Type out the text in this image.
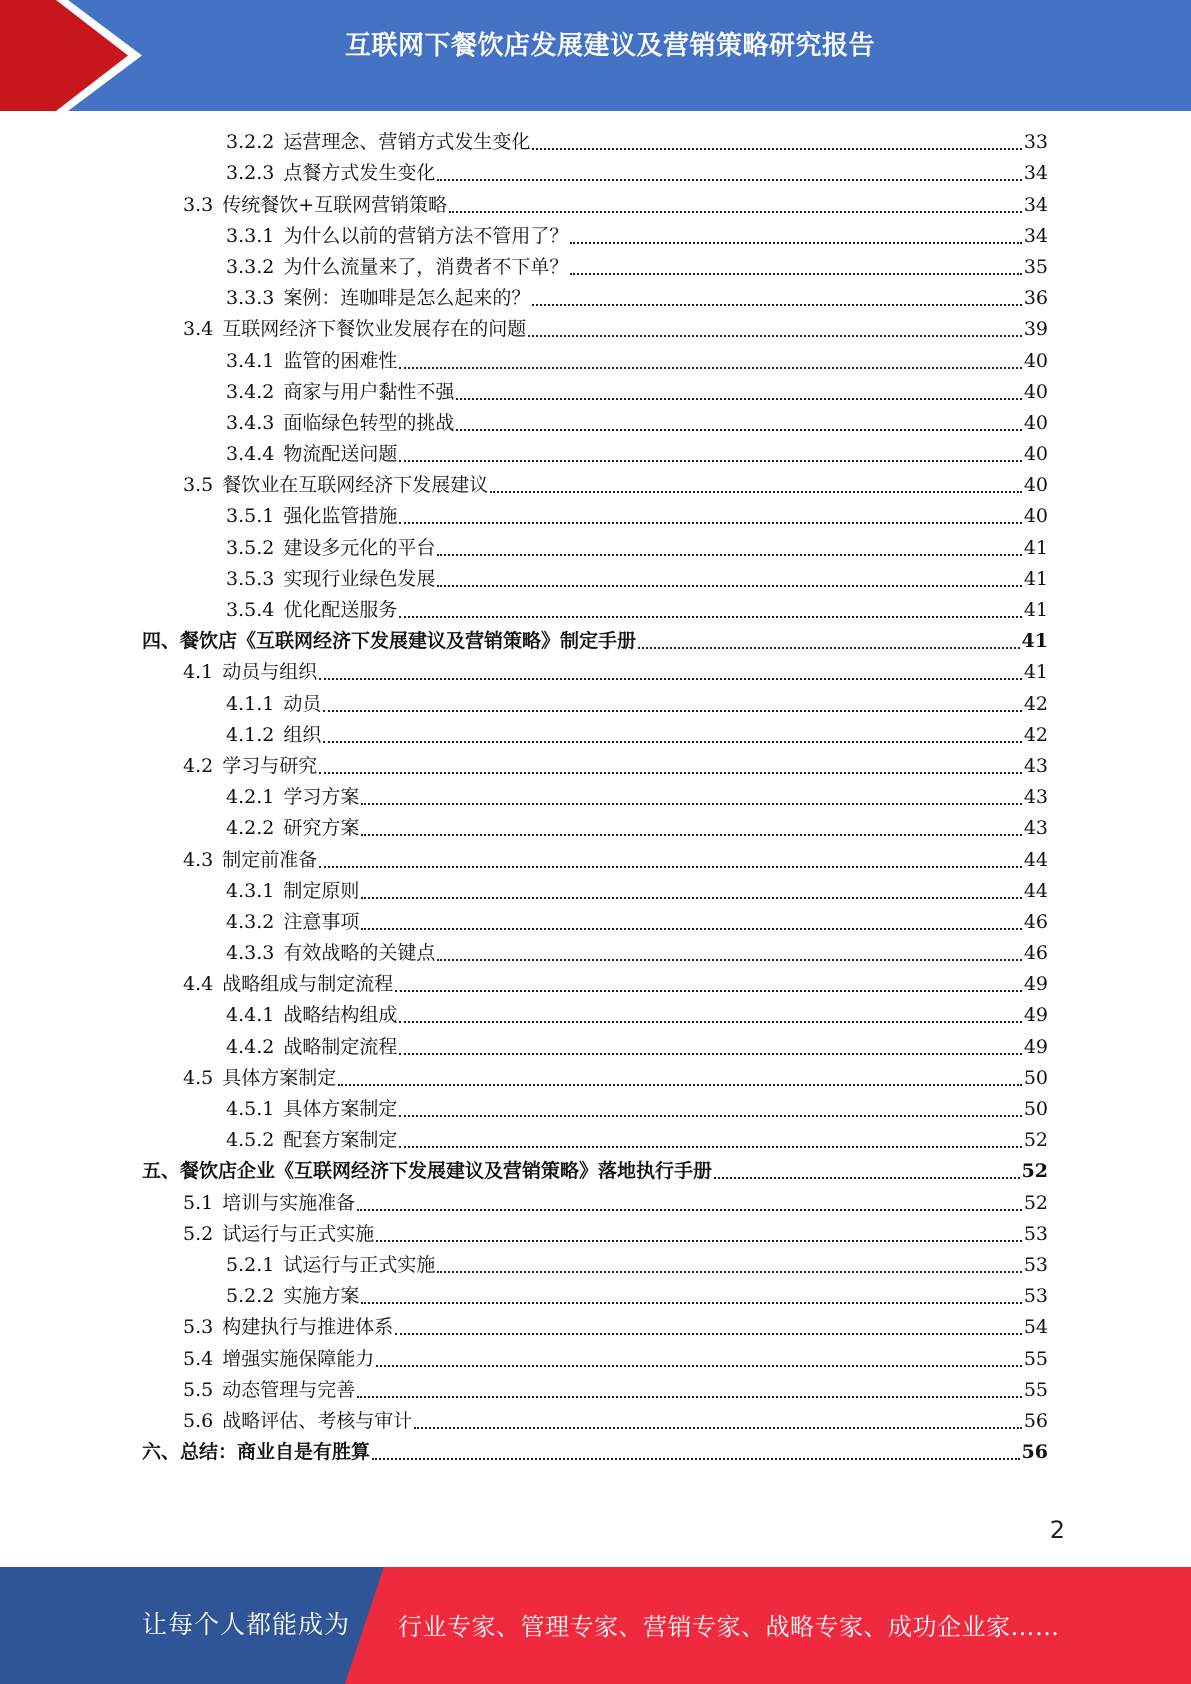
互联网下餐饮店发展建议及营销策略研究报告
3.2.2 运营理念、营销方式发生变化	33
3.2.3 点餐方式发生变化	34
3.3 传统餐饮+互联网营销策略	34
3.3.1 为什么以前的营销方法不管用了？	34
3.3.2 为什么流量来了，消费者不下单？	35
3.3.3 案例：连咖啡是怎么起来的？	36
3.4 互联网经济下餐饮业发展存在的问题	39
3.4.1 监管的困难性	40
3.4.2 商家与用户黏性不强	40
3.4.3 面临绿色转型的挑战	40
3.4.4 物流配送问题	40
3.5 餐饮业在互联网经济下发展建议	40
3.5.1 强化监管措施	40
3.5.2 建设多元化的平台	41
3.5.3 实现行业绿色发展	41
3.5.4 优化配送服务	41
四、餐饮店《互联网经济下发展建议及营销策略》制定手册	41
4.1 动员与组织	41
4.1.1 动员	42
4.1.2 组织	42
4.2 学习与研究	43
4.2.1 学习方案	43
4.2.2 研究方案	43
4.3 制定前准备	44
4.3.1 制定原则	44
4.3.2 注意事项	46
4.3.3 有效战略的关键点	46
4.4 战略组成与制定流程	49
4.4.1 战略结构组成	49
4.4.2 战略制定流程	49
4.5 具体方案制定	50
4.5.1 具体方案制定	50
4.5.2 配套方案制定	52
五、餐饮店企业《互联网经济下发展建议及营销策略》落地执行手册	52
5.1 培训与实施准备	52
5.2 试运行与正式实施	53
5.2.1 试运行与正式实施	53
5.2.2 实施方案	53
5.3 构建执行与推进体系	54
5.4 增强实施保障能力	55
5.5 动态管理与完善	55
5.6 战略评估、考核与审计	56
六、总结：商业自是有胜算	56
2
让每个人都能成为 行业专家、管理专家、营销专家、战略专家、成功企业家……
